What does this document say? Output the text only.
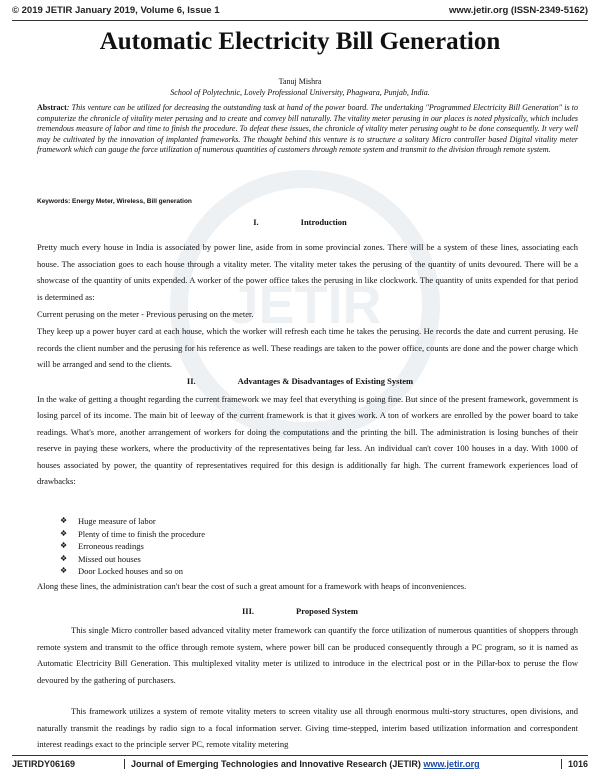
© 2019 JETIR January 2019, Volume 6, Issue 1	www.jetir.org (ISSN-2349-5162)
JETIR
Automatic Electricity Bill Generation
Tanuj Mishra
School of Polytechnic, Lovely Professional University, Phagwara, Punjab, India.
Abstract: This venture can be utilized for decreasing the outstanding task at hand of the power board. The undertaking "Programmed Electricity Bill Generation" is to computerize the chronicle of vitality meter perusing and to create and convey bill naturally. The vitality meter perusing in our places is noted physically, which includes tremendous measure of labor and time to finish the procedure. To defeat these issues, the chronicle of vitality meter perusing ought to be done consequently. It very well may be cultivated by the innovation of implanted frameworks. The thought behind this venture is to structure a solitary Micro controller based Digital vitality meter framework which can gauge the force utilization of numerous quantities of customers through remote system and transmit to the division through remote system.
Keywords: Energy Meter, Wireless, Bill generation
I.	Introduction
Pretty much every house in India is associated by power line, aside from in some provincial zones. There will be a system of these lines, associating each house. The association goes to each house through a vitality meter. The vitality meter takes the perusing of the quantity of units devoured. There will be a showcase of the quantity of units expended. A worker of the power office takes the perusing in like clockwork. The quantity of units expended for that period is determined as:
Current perusing on the meter - Previous perusing on the meter.
They keep up a power buyer card at each house, which the worker will refresh each time he takes the perusing. He records the date and current perusing. He records the client number and the perusing for his reference as well. These readings are taken to the power office, counts are done and the power charge which will be arranged and send to the clients.
II.	Advantages & Disadvantages of Existing System
In the wake of getting a thought regarding the current framework we may feel that everything is going fine. But since of the present framework, government is losing parcel of its income. The main bit of leeway of the current framework is that it gives work. A ton of workers are enrolled by the power board to take readings. What's more, another arrangement of workers for doing the computations and the printing the bill. The administration is losing bunches of their reserve in paying these workers, where the productivity of the representatives being far less. An individual can't cover 100 houses in a day. With 1000 of houses associated by power, the quantity of representatives required for this design is additionally far high. The current framework experiences load of drawbacks:
❖ Huge measure of labor
❖ Plenty of time to finish the procedure
❖ Erroneous readings
❖ Missed out houses
❖ Door Locked houses and so on
Along these lines, the administration can't bear the cost of such a great amount for a framework with heaps of inconveniences.
III.	Proposed System
This single Micro controller based advanced vitality meter framework can quantify the force utilization of numerous quantities of shoppers through remote system and transmit to the office through remote system, where power bill can be produced consequently through a PC program, so it is named as Automatic Electricity Bill Generation. This multiplexed vitality meter is utilized to introduce in the electrical post or in the Pillar-box to peruse the flow devoured by the gathering of purchasers.
This framework utilizes a system of remote vitality meters to screen vitality use all through enormous multi-story structures, open divisions, and naturally transmit the readings by radio sign to a focal information server. Giving time-stepped, interim based utilization information and correspondent interest readings exact to the principle server PC, remote vitality metering
JETIRDY06169	Journal of Emerging Technologies and Innovative Research (JETIR) www.jetir.org	1016
